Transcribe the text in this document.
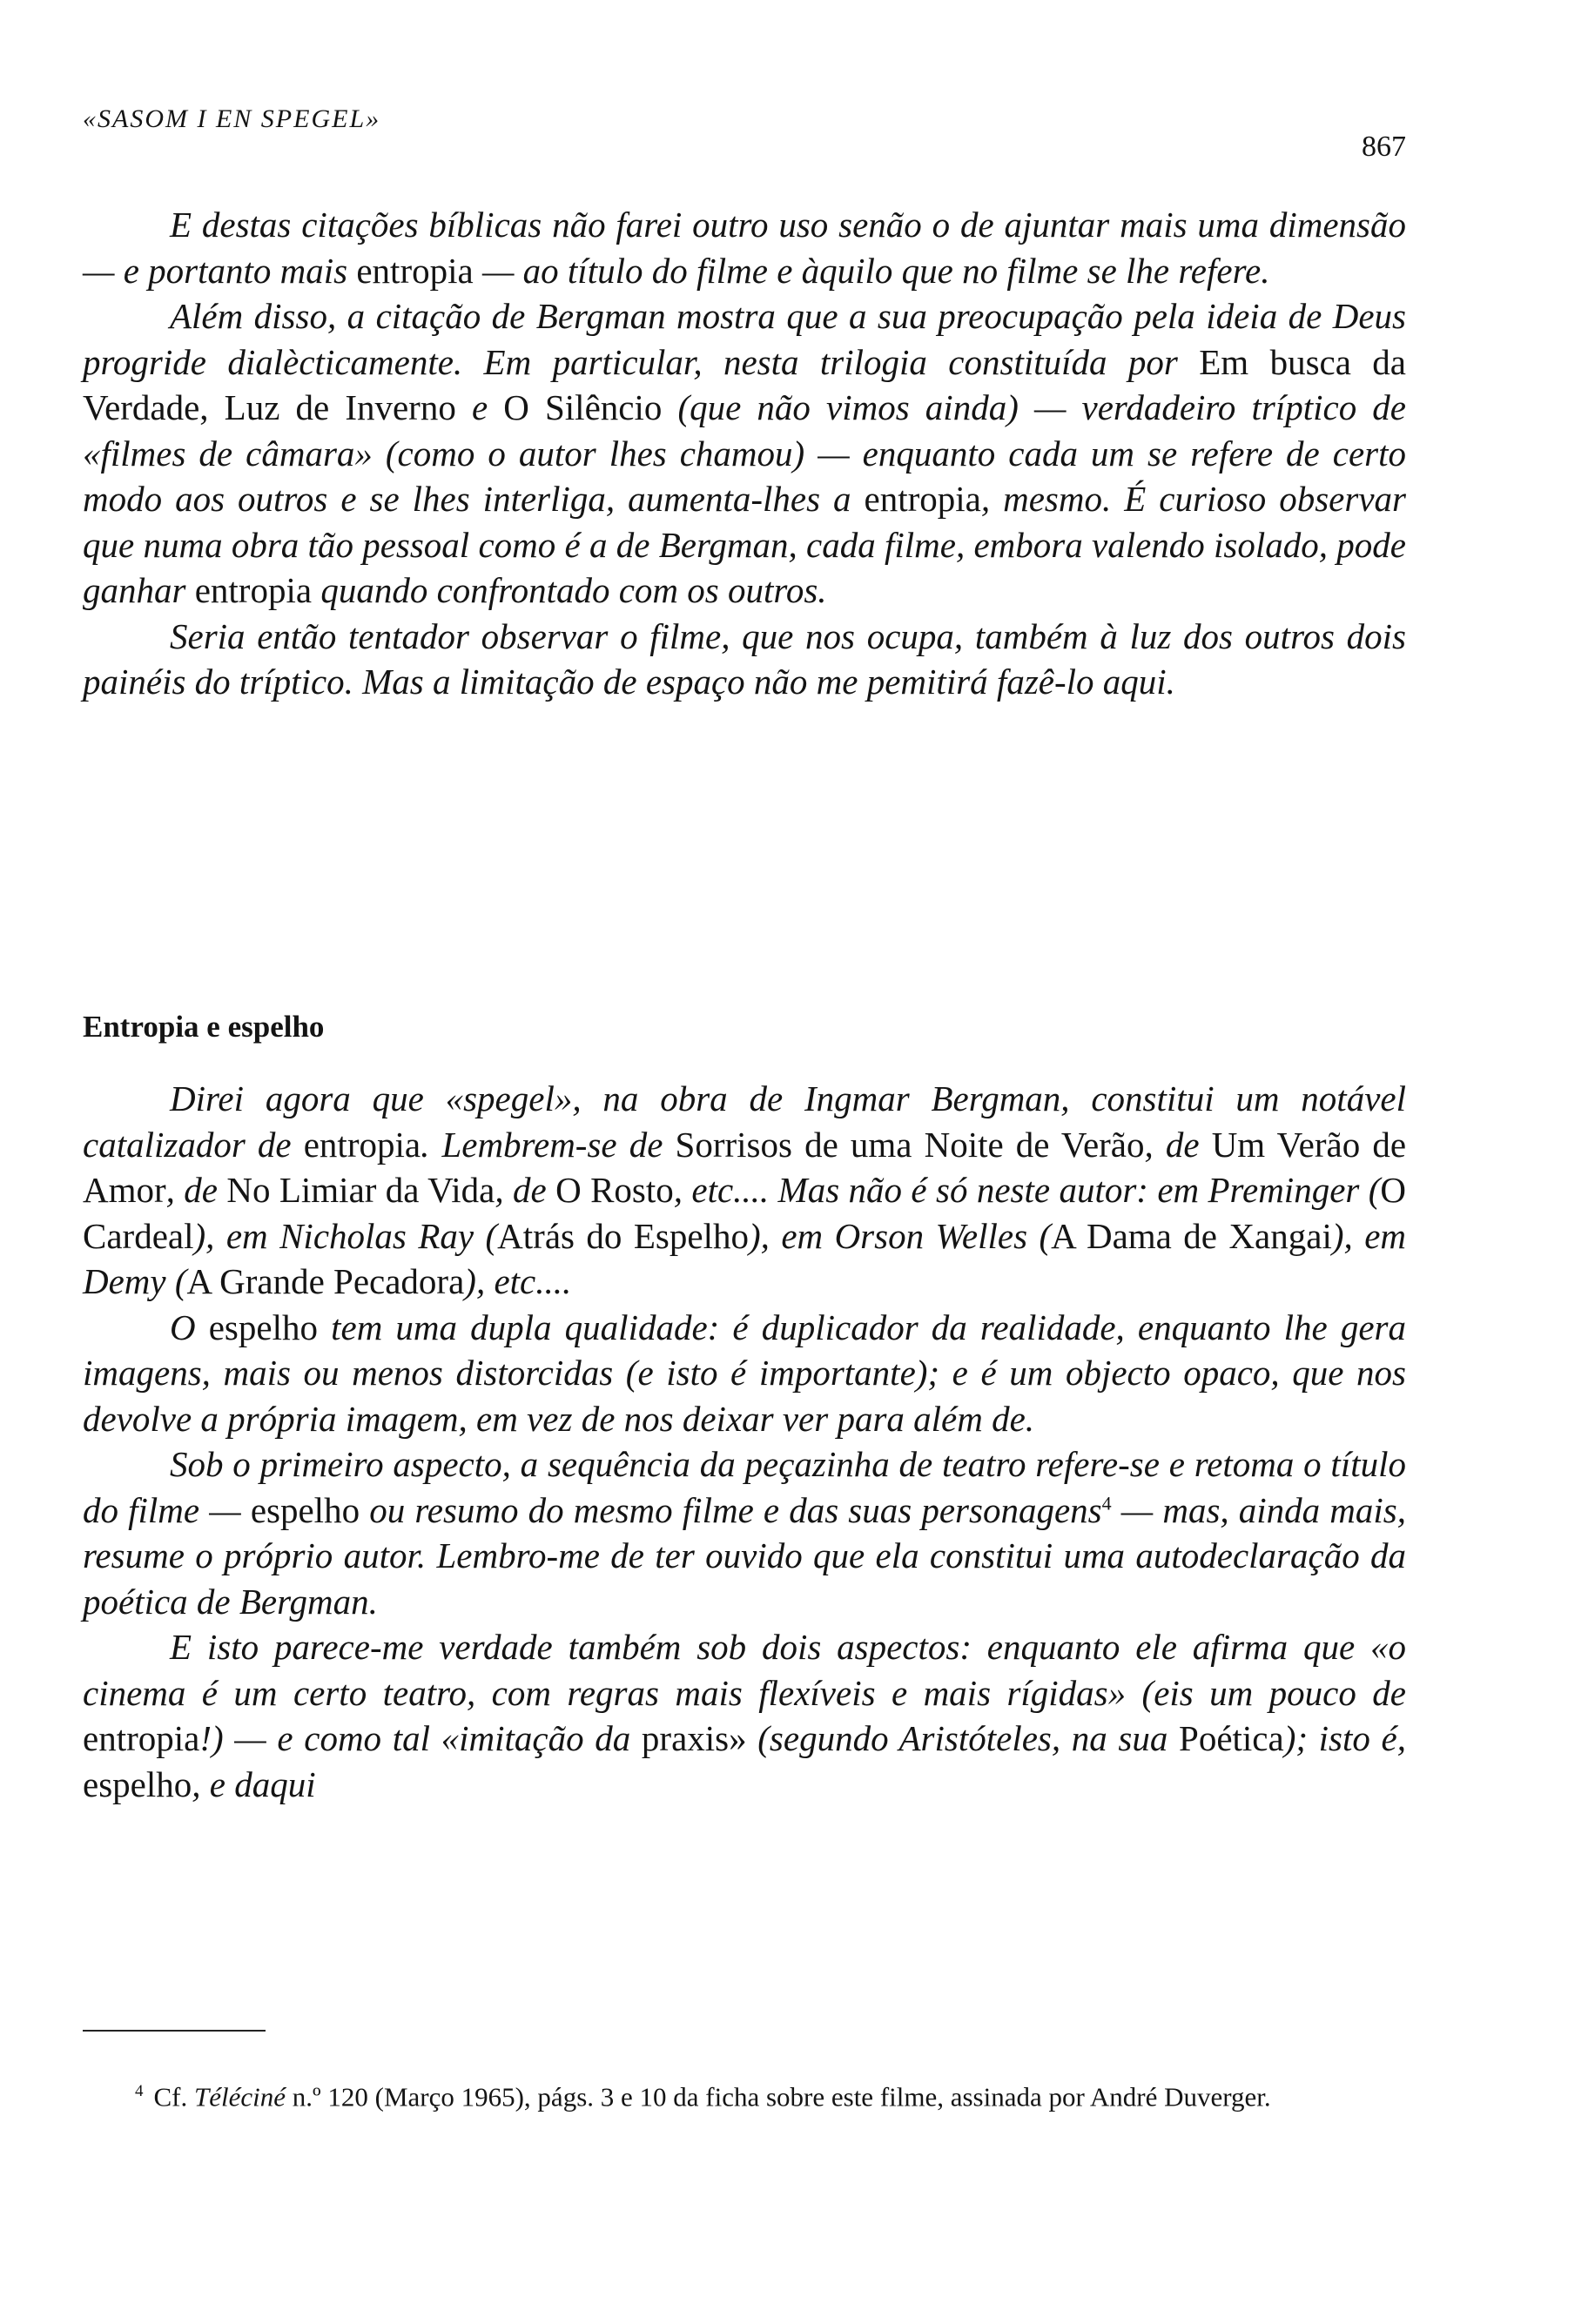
«SASOM I EN SPEGEL»
867

E destas citações bíblicas não farei outro uso senão o de ajuntar mais uma dimensão — e portanto mais entropia — ao título do filme e àquilo que no filme se lhe refere.

Além disso, a citação de Bergman mostra que a sua preocupação pela ideia de Deus progride dialècticamente. Em particular, nesta trilogia constituída por Em busca da Verdade, Luz de Inverno e O Silêncio (que não vimos ainda) — verdadeiro tríptico de «filmes de câmara» (como o autor lhes chamou) — enquanto cada um se refere de certo modo aos outros e se lhes interliga, aumenta-lhes a entropia, mesmo. É curioso observar que numa obra tão pessoal como é a de Bergman, cada filme, embora valendo isolado, pode ganhar entropia quando confrontado com os outros.

Seria então tentador observar o filme, que nos ocupa, também à luz dos outros dois painéis do tríptico. Mas a limitação de espaço não me pemitirá fazê-lo aqui.

Entropia e espelho

Direi agora que «spegel», na obra de Ingmar Bergman, constitui um notável catalizador de entropia. Lembrem-se de Sorrisos de uma Noite de Verão, de Um Verão de Amor, de No Limiar da Vida, de O Rosto, etc.... Mas não é só neste autor: em Preminger (O Cardeal), em Nicholas Ray (Atrás do Espelho), em Orson Welles (A Dama de Xangai), em Demy (A Grande Pecadora), etc....

O espelho tem uma dupla qualidade: é duplicador da realidade, enquanto lhe gera imagens, mais ou menos distorcidas (e isto é importante); e é um objecto opaco, que nos devolve a própria imagem, em vez de nos deixar ver para além de.

Sob o primeiro aspecto, a sequência da peçazinha de teatro refere-se e retoma o título do filme — espelho ou resumo do mesmo filme e das suas personagens$^4$ — mas, ainda mais, resume o próprio autor. Lembro-me de ter ouvido que ela constitui uma autodeclaração da poética de Bergman.

E isto parece-me verdade também sob dois aspectos: enquanto ele afirma que «o cinema é um certo teatro, com regras mais flexíveis e mais rígidas» (eis um pouco de entropia!) — e como tal «imitação da praxis» (segundo Aristóteles, na sua Poética); isto é, espelho, e daqui

$^4$ Cf. Téléciné n.º 120 (Março 1965), págs. 3 e 10 da ficha sobre este filme, assinada por André Duverger.
